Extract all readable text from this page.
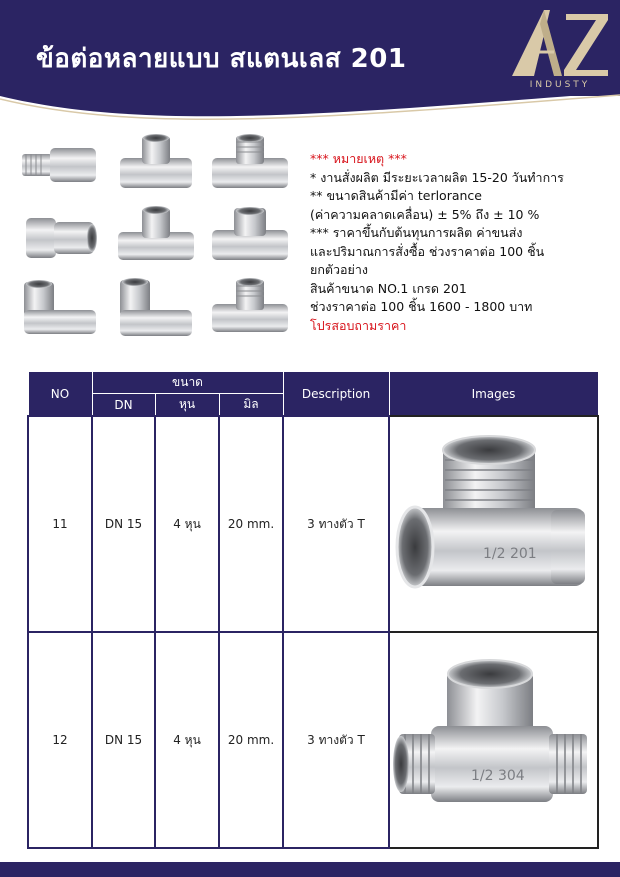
ข้อต่อหลายแบบ สแตนเลส 201
INDUSTY
*** หมายเหตุ ***
* งานสั่งผลิต มีระยะเวลาผลิต 15-20 วันทำการ
** ขนาดสินค้ามีค่า terlorance
(ค่าความคลาดเคลื่อน) ± 5% ถึง ± 10 %
*** ราคาขึ้นกับต้นทุนการผลิต ค่าขนส่ง
และปริมาณการสั่งซื้อ ช่วงราคาต่อ 100 ชิ้น
ยกตัวอย่าง
สินค้าขนาด NO.1 เกรด 201
ช่วงราคาต่อ 100 ชิ้น 1600 - 1800 บาท
โปรสอบถามราคา
NO	ขนาด			Description	Images
	DN	หุน	มิล		
11	DN 15	4 หุน	20 mm.	3 ทางตัว T	1/2 201

12	DN 15	4 หุน	20 mm.	3 ทางตัว T	1/2 304
